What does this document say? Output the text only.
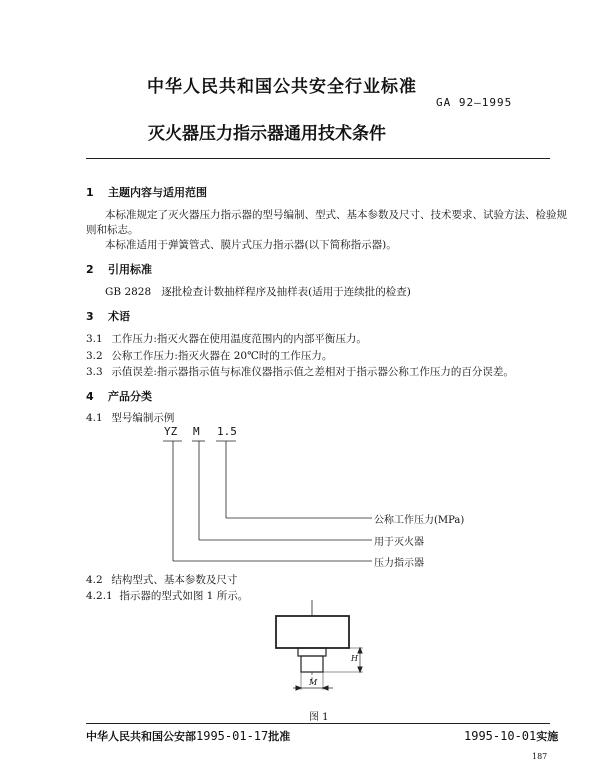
中华人民共和国公共安全行业标准
GA 92—1995
灭火器压力指示器通用技术条件
1 主题内容与适用范围
本标准规定了灭火器压力指示器的型号编制、型式、基本参数及尺寸、技术要求、试验方法、检验规
则和标志。
本标准适用于弹簧管式、膜片式压力指示器(以下简称指示器)。
2 引用标准
GB 2828 逐批检查计数抽样程序及抽样表(适用于连续批的检查)
3 术语
3.1 工作压力:指灭火器在使用温度范围内的内部平衡压力。
3.2 公称工作压力:指灭火器在 20℃时的工作压力。
3.3 示值误差:指示器指示值与标准仪器指示值之差相对于指示器公称工作压力的百分误差。
4 产品分类
4.1 型号编制示例
YZ M 1.5
公称工作压力(MPa)
用于灭火器
压力指示器
4.2 结构型式、基本参数及尺寸
4.2.1 指示器的型式如图 1 所示。
H
M
图 1
中华人民共和国公安部1995-01-17批准	1995-10-01实施
187
